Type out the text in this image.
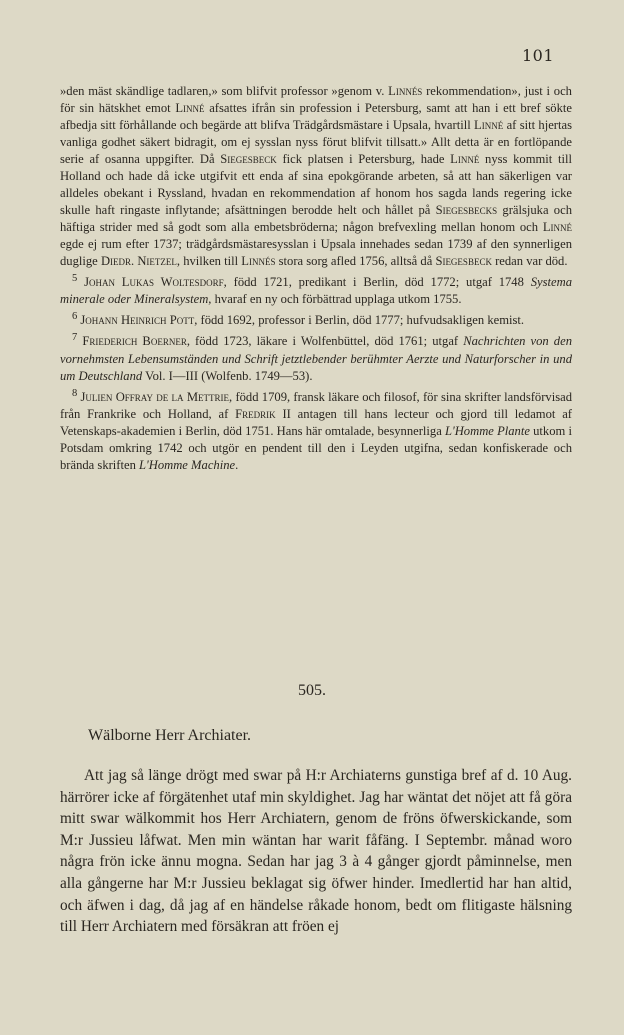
101

»den mäst skändlige tadlaren,» som blifvit professor »genom v. Linnés rekommendation», just i och för sin hätskhet emot Linné afsattes ifrån sin profession i Petersburg, samt att han i ett bref sökte afbedja sitt förhållande och begärde att blifva Trädgårdsmästare i Upsala, hvartill Linné af sitt hjertas vanliga godhet säkert bidragit, om ej sysslan nyss förut blifvit tillsatt.» Allt detta är en fortlöpande serie af osanna uppgifter. Då Siegesbeck fick platsen i Petersburg, hade Linné nyss kommit till Holland och hade då icke utgifvit ett enda af sina epokgörande arbeten, så att han säkerligen var alldeles obekant i Ryssland, hvadan en rekommendation af honom hos sagda lands regering icke skulle haft ringaste inflytande; afsättningen berodde helt och hållet på Siegesbecks grälsjuka och häftiga strider med så godt som alla embetsbröderna; någon brefvexling mellan honom och Linné egde ej rum efter 1737; trädgårdsmästaresysslan i Upsala innehades sedan 1739 af den synnerligen duglige Diedr. Nietzel, hvilken till Linnés stora sorg afled 1756, alltså då Siegesbeck redan var död.

$^5$ Johan Lukas Woltesdorf, född 1721, predikant i Berlin, död 1772; utgaf 1748 Systema minerale oder Mineralsystem, hvaraf en ny och förbättrad upplaga utkom 1755.

$^6$ Johann Heinrich Pott, född 1692, professor i Berlin, död 1777; hufvudsakligen kemist.

$^7$ Friederich Boerner, född 1723, läkare i Wolfenbüttel, död 1761; utgaf Nachrichten von den vornehmsten Lebensumständen und Schrift jetztlebender berühmter Aerzte und Naturforscher in und um Deutschland Vol. I—III (Wolfenb. 1749—53).

$^8$ Julien Offray de la Mettrie, född 1709, fransk läkare och filosof, för sina skrifter landsförvisad från Frankrike och Holland, af Fredrik II antagen till hans lecteur och gjord till ledamot af Vetenskaps-akademien i Berlin, död 1751. Hans här omtalade, besynnerliga L'Homme Plante utkom i Potsdam omkring 1742 och utgör en pendent till den i Leyden utgifna, sedan konfiskerade och brända skriften L'Homme Machine.

505.
Wälborne Herr Archiater.

Att jag så länge drögt med swar på H:r Archiaterns gunstiga bref af d. 10 Aug. härrörer icke af förgätenhet utaf min skyldighet. Jag har wäntat det nöjet att få göra mitt swar wälkommit hos Herr Archiatern, genom de fröns öfwerskickande, som M:r Jussieu låfwat. Men min wäntan har warit fåfäng. I Septembr. månad woro några frön icke ännu mogna. Sedan har jag 3 à 4 gånger gjordt påminnelse, men alla gångerne har M:r Jussieu beklagat sig öfwer hinder. Imedlertid har han altid, och äfwen i dag, då jag af en händelse råkade honom, bedt om flitigaste hälsning till Herr Archiatern med försäkran att fröen ej
